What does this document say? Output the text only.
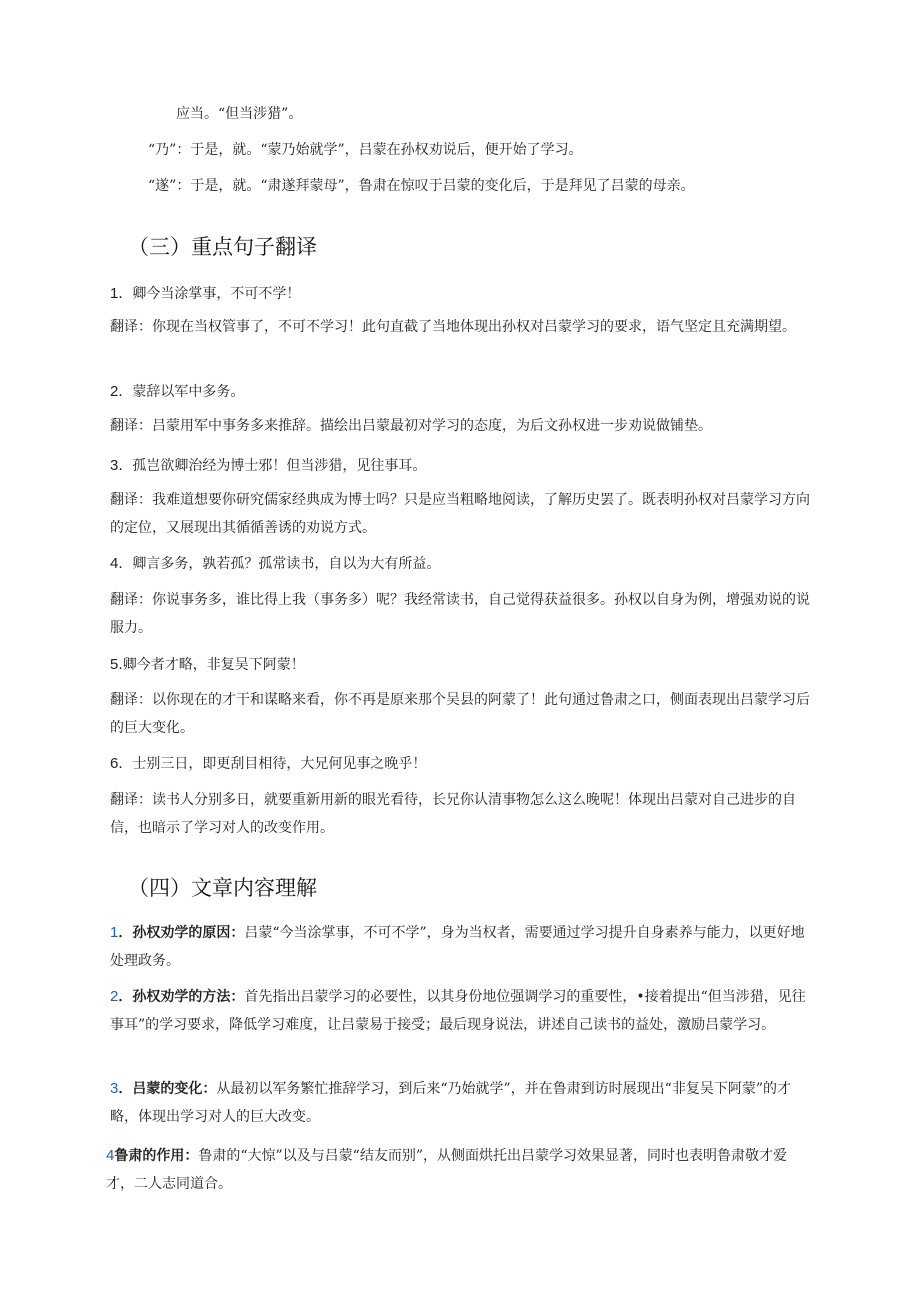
应当。“但当涉猎”。
“乃”：于是，就。“蒙乃始就学”，吕蒙在孙权劝说后，便开始了学习。
“遂”：于是，就。“肃遂拜蒙母”，鲁肃在惊叹于吕蒙的变化后，于是拜见了吕蒙的母亲。
（三）重点句子翻译
1．卿今当涂掌事，不可不学！
翻译：你现在当权管事了，不可不学习！此句直截了当地体现出孙权对吕蒙学习的要求，语气坚定且充满期望。
2．蒙辞以军中多务。
翻译：吕蒙用军中事务多来推辞。描绘出吕蒙最初对学习的态度，为后文孙权进一步劝说做铺垫。
3．孤岂欲卿治经为博士邪！但当涉猎，见往事耳。
翻译：我难道想要你研究儒家经典成为博士吗？只是应当粗略地阅读，了解历史罢了。既表明孙权对吕蒙学习方向的定位，又展现出其循循善诱的劝说方式。
4．卿言多务，孰若孤？孤常读书，自以为大有所益。
翻译：你说事务多，谁比得上我（事务多）呢？我经常读书，自己觉得获益很多。孙权以自身为例，增强劝说的说服力。
5.卿今者才略，非复吴下阿蒙！
翻译：以你现在的才干和谋略来看，你不再是原来那个吴县的阿蒙了！此句通过鲁肃之口，侧面表现出吕蒙学习后的巨大变化。
6．士别三日，即更刮目相待，大兄何见事之晚乎！
翻译：读书人分别多日，就要重新用新的眼光看待，长兄你认清事物怎么这么晚呢！体现出吕蒙对自己进步的自信，也暗示了学习对人的改变作用。
（四）文章内容理解
1．孙权劝学的原因：吕蒙“今当涂掌事，不可不学”，身为当权者，需要通过学习提升自身素养与能力，以更好地处理政务。
2．孙权劝学的方法：首先指出吕蒙学习的必要性，以其身份地位强调学习的重要性，•接着提出“但当涉猎，见往事耳”的学习要求，降低学习难度，让吕蒙易于接受；最后现身说法，讲述自己读书的益处，激励吕蒙学习。
3．吕蒙的变化：从最初以军务繁忙推辞学习，到后来“乃始就学”，并在鲁肃到访时展现出“非复吴下阿蒙”的才略，体现出学习对人的巨大改变。
4鲁肃的作用：鲁肃的“大惊”以及与吕蒙“结友而别”，从侧面烘托出吕蒙学习效果显著，同时也表明鲁肃敬才爱才，二人志同道合。
